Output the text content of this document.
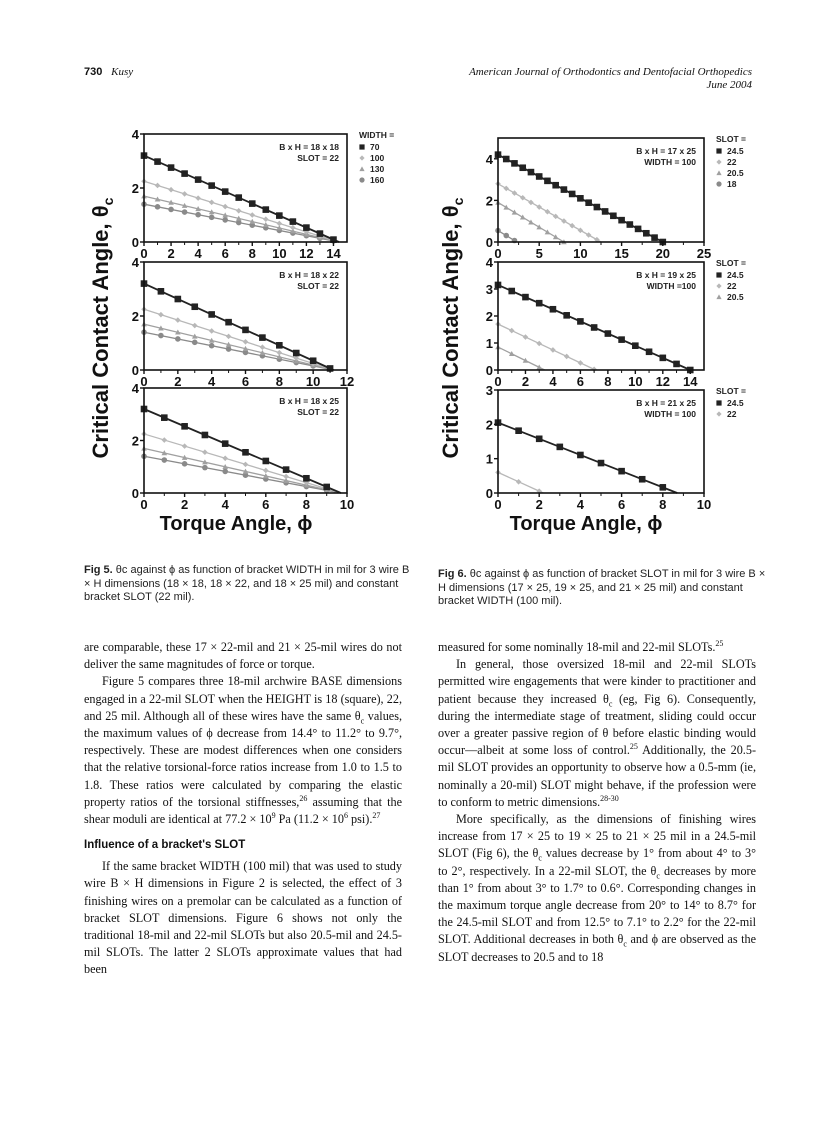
730 Kusy	American Journal of Orthodontics and Dentofacial Orthopedics
June 2004
0 2 4 6 8 10 12 14
0
2
4
B x H = 18 x 18
SLOT = 22
WIDTH =
70
100
130
160
0 2 4 6 8 10 12
0
2
4
B x H = 18 x 22
SLOT = 22
0	2	4	6	8 10
0
2
4
B x H = 18 x 25
SLOT = 22
Critical Contact Angle, $\theta_c$
Torque Angle, ϕ
0	5 10 15 20 25
0
2
4
B x H = 17 x 25
WIDTH = 100
SLOT =
24.5
22
20.5
18
0 2 4 6 8 10 12 14
0
1
2
3
4
B x H = 19 x 25
WIDTH =100
SLOT =
24.5
22
20.5
0	2	4	6	8 10
0
1
2
3
B x H = 21 x 25
WIDTH = 100
SLOT =
24.5
22
Critical Contact Angle, $\theta_c$
Torque Angle, ϕ
Fig 5. θc against ϕ as function of bracket WIDTH in mil for 3 wire B × H dimensions (18 × 18, 18 × 22, and 18 × 25 mil) and constant bracket SLOT (22 mil).
Fig 6. θc against ϕ as function of bracket SLOT in mil for 3 wire B × H dimensions (17 × 25, 19 × 25, and 21 × 25 mil) and constant bracket WIDTH (100 mil).

are comparable, these 17 × 22-mil and 21 × 25-mil wires do not deliver the same magnitudes of force or torque.

Figure 5 compares three 18-mil archwire BASE dimensions engaged in a 22-mil SLOT when the HEIGHT is 18 (square), 22, and 25 mil. Although all of these wires have the same $\theta_c$ values, the maximum values of ϕ decrease from 14.4° to 11.2° to 9.7°, respectively. These are modest differences when one considers that the relative torsional-force ratios increase from 1.0 to 1.5 to 1.8. These ratios were calculated by comparing the elastic property ratios of the torsional stiffnesses,$^{26}$ assuming that the shear moduli are identical at $77.2 \times 10^9$ Pa ($11.2 \times 10^6$ psi).$^{27}$

Influence of a bracket's SLOT

If the same bracket WIDTH (100 mil) that was used to study wire B × H dimensions in Figure 2 is selected, the effect of 3 finishing wires on a premolar can be calculated as a function of bracket SLOT dimensions. Figure 6 shows not only the traditional 18-mil and 22-mil SLOTs but also 20.5-mil and 24.5-mil SLOTs. The latter 2 SLOTs approximate values that had been

measured for some nominally 18-mil and 22-mil SLOTs.$^{25}$

In general, those oversized 18-mil and 22-mil SLOTs permitted wire engagements that were kinder to practitioner and patient because they increased $\theta_c$ (eg, Fig 6). Consequently, during the intermediate stage of treatment, sliding could occur over a greater passive region of θ before elastic binding would occur—albeit at some loss of control.$^{25}$ Additionally, the 20.5-mil SLOT provides an opportunity to observe how a 0.5-mm (ie, nominally a 20-mil) SLOT might behave, if the profession were to conform to metric dimensions.$^{28-30}$

More specifically, as the dimensions of finishing wires increase from 17 × 25 to 19 × 25 to 21 × 25 mil in a 24.5-mil SLOT (Fig 6), the $\theta_c$ values decrease by 1° from about 4° to 3° to 2°, respectively. In a 22-mil SLOT, the $\theta_c$ decreases by more than 1° from about 3° to 1.7° to 0.6°. Corresponding changes in the maximum torque angle decrease from 20° to 14° to 8.7° for the 24.5-mil SLOT and from 12.5° to 7.1° to 2.2° for the 22-mil SLOT. Additional decreases in both $\theta_c$ and ϕ are observed as the SLOT decreases to 20.5 and to 18
